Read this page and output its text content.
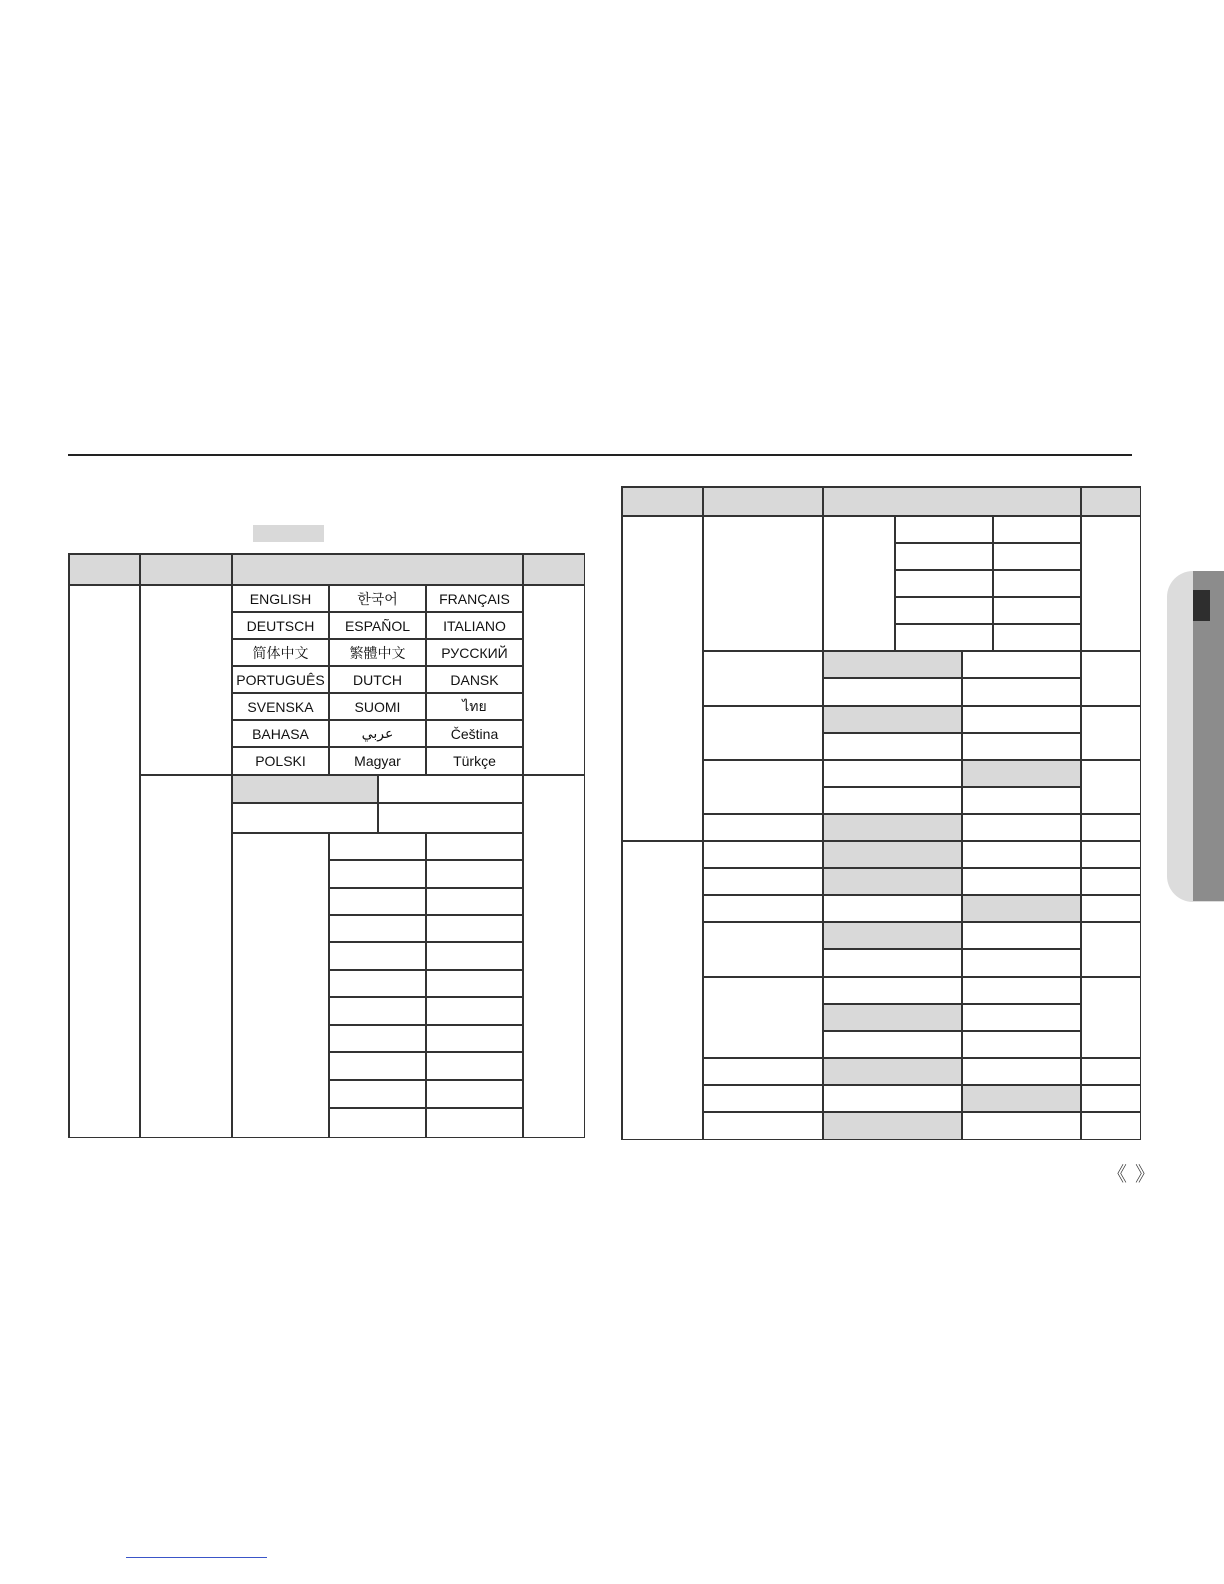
ENGLISH	한국어	FRANÇAIS
DEUTSCH	ESPAÑOL	ITALIANO
简体中文	繁體中文	РУССКИЙ
PORTUGUÊS	DUTCH	DANSK
SVENSKA	SUOMI	ไทย
BAHASA	عربي	Čeština
POLSKI	Magyar	Türkçe
《 》
